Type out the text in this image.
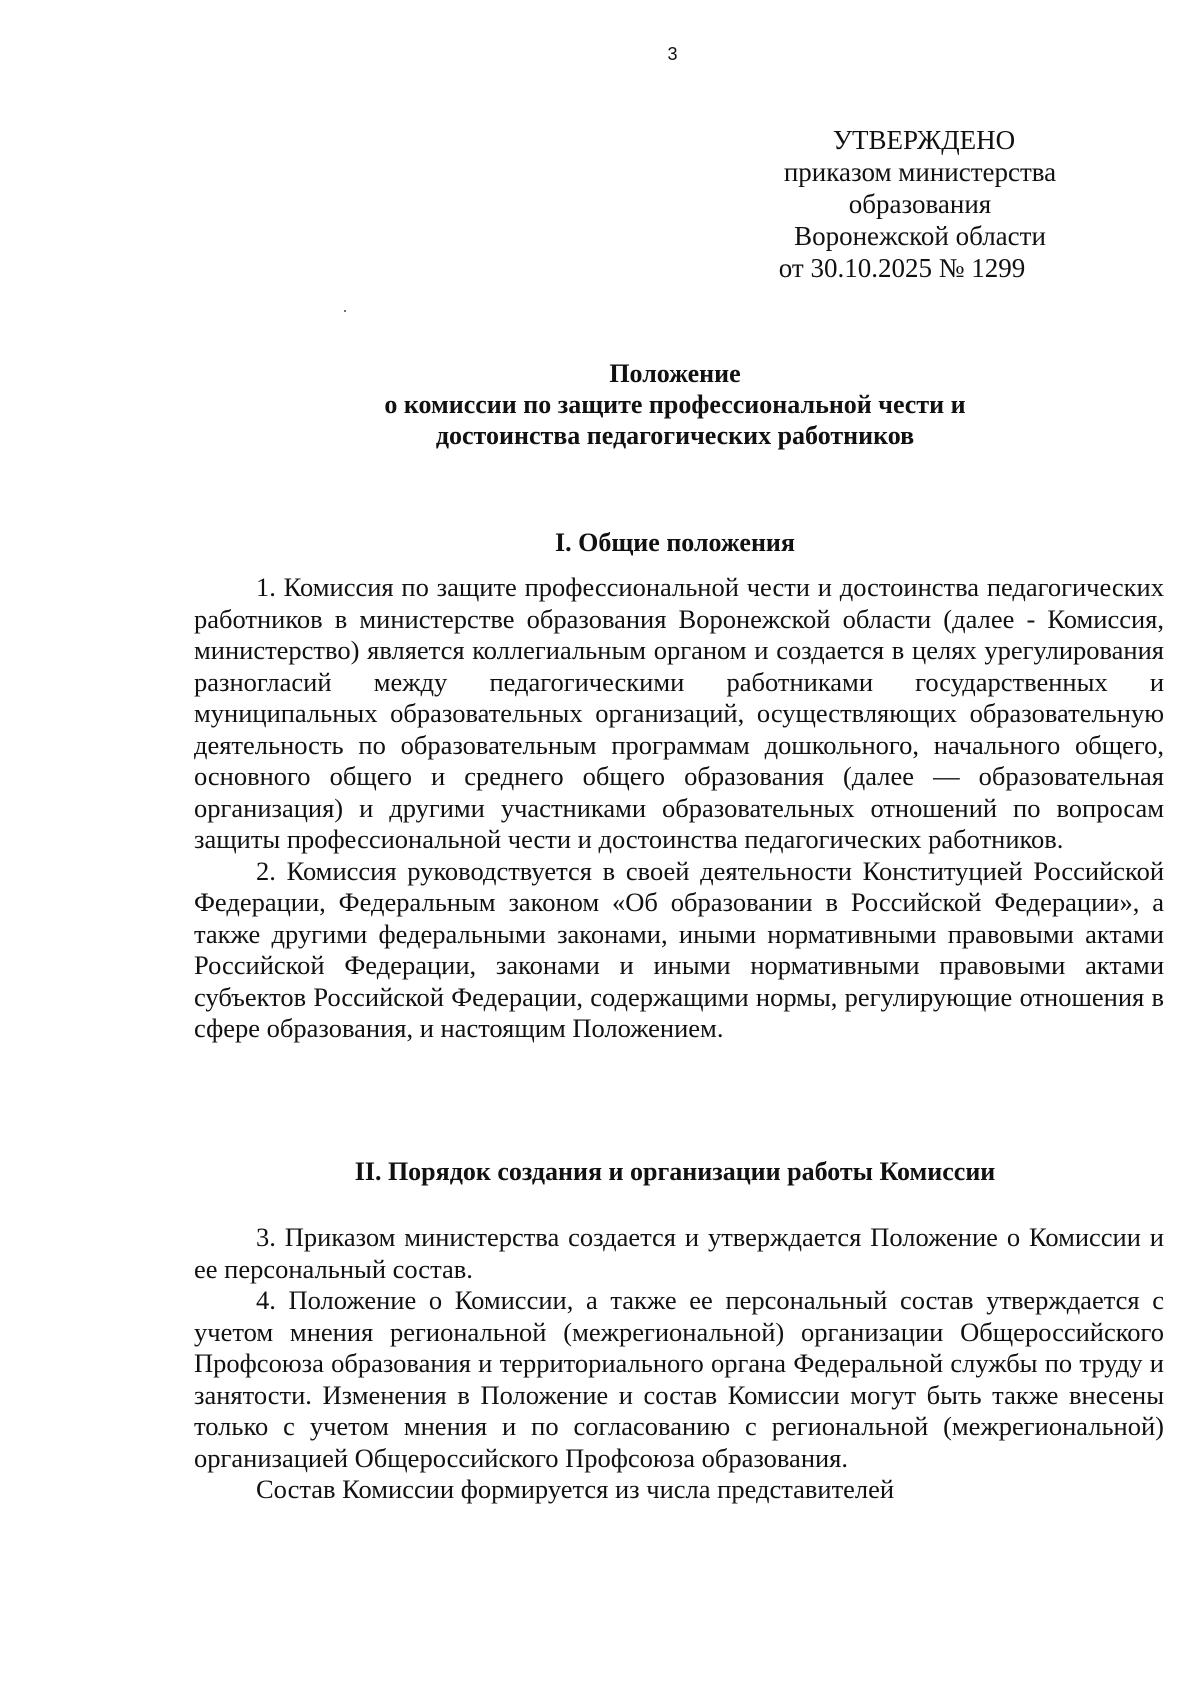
3
УТВЕРЖДЕНО
приказом министерства
образования
Воронежской области
от 30.10.2025 № 1299
Положение
о комиссии по защите профессиональной чести и
достоинства педагогических работников
I. Общие положения

1. Комиссия по защите профессиональной чести и достоинства педагогических работников в министерстве образования Воронежской области (далее - Комиссия, министерство) является коллегиальным органом и создается в целях урегулирования разногласий между педагогическими работниками государственных и муниципальных образовательных организаций, осуществляющих образовательную деятельность по образовательным программам дошкольного, начального общего, основного общего и среднего общего образования (далее — образовательная организация) и другими участниками образовательных отношений по вопросам защиты профессиональной чести и достоинства педагогических работников.

2. Комиссия руководствуется в своей деятельности Конституцией Российской Федерации, Федеральным законом «Об образовании в Российской Федерации», а также другими федеральными законами, иными нормативными правовыми актами Российской Федерации, законами и иными нормативными правовыми актами субъектов Российской Федерации, содержащими нормы, регулирующие отношения в сфере образования, и настоящим Положением.

II. Порядок создания и организации работы Комиссии

3. Приказом министерства создается и утверждается Положение о Комиссии и ее персональный состав.

4. Положение о Комиссии, а также ее персональный состав утверждается с учетом мнения региональной (межрегиональной) организации Общероссийского Профсоюза образования и территориального органа Федеральной службы по труду и занятости. Изменения в Положение и состав Комиссии могут быть также внесены только с учетом мнения и по согласованию с региональной (межрегиональной) организацией Общероссийского Профсоюза образования.

Состав Комиссии формируется из числа представителей
